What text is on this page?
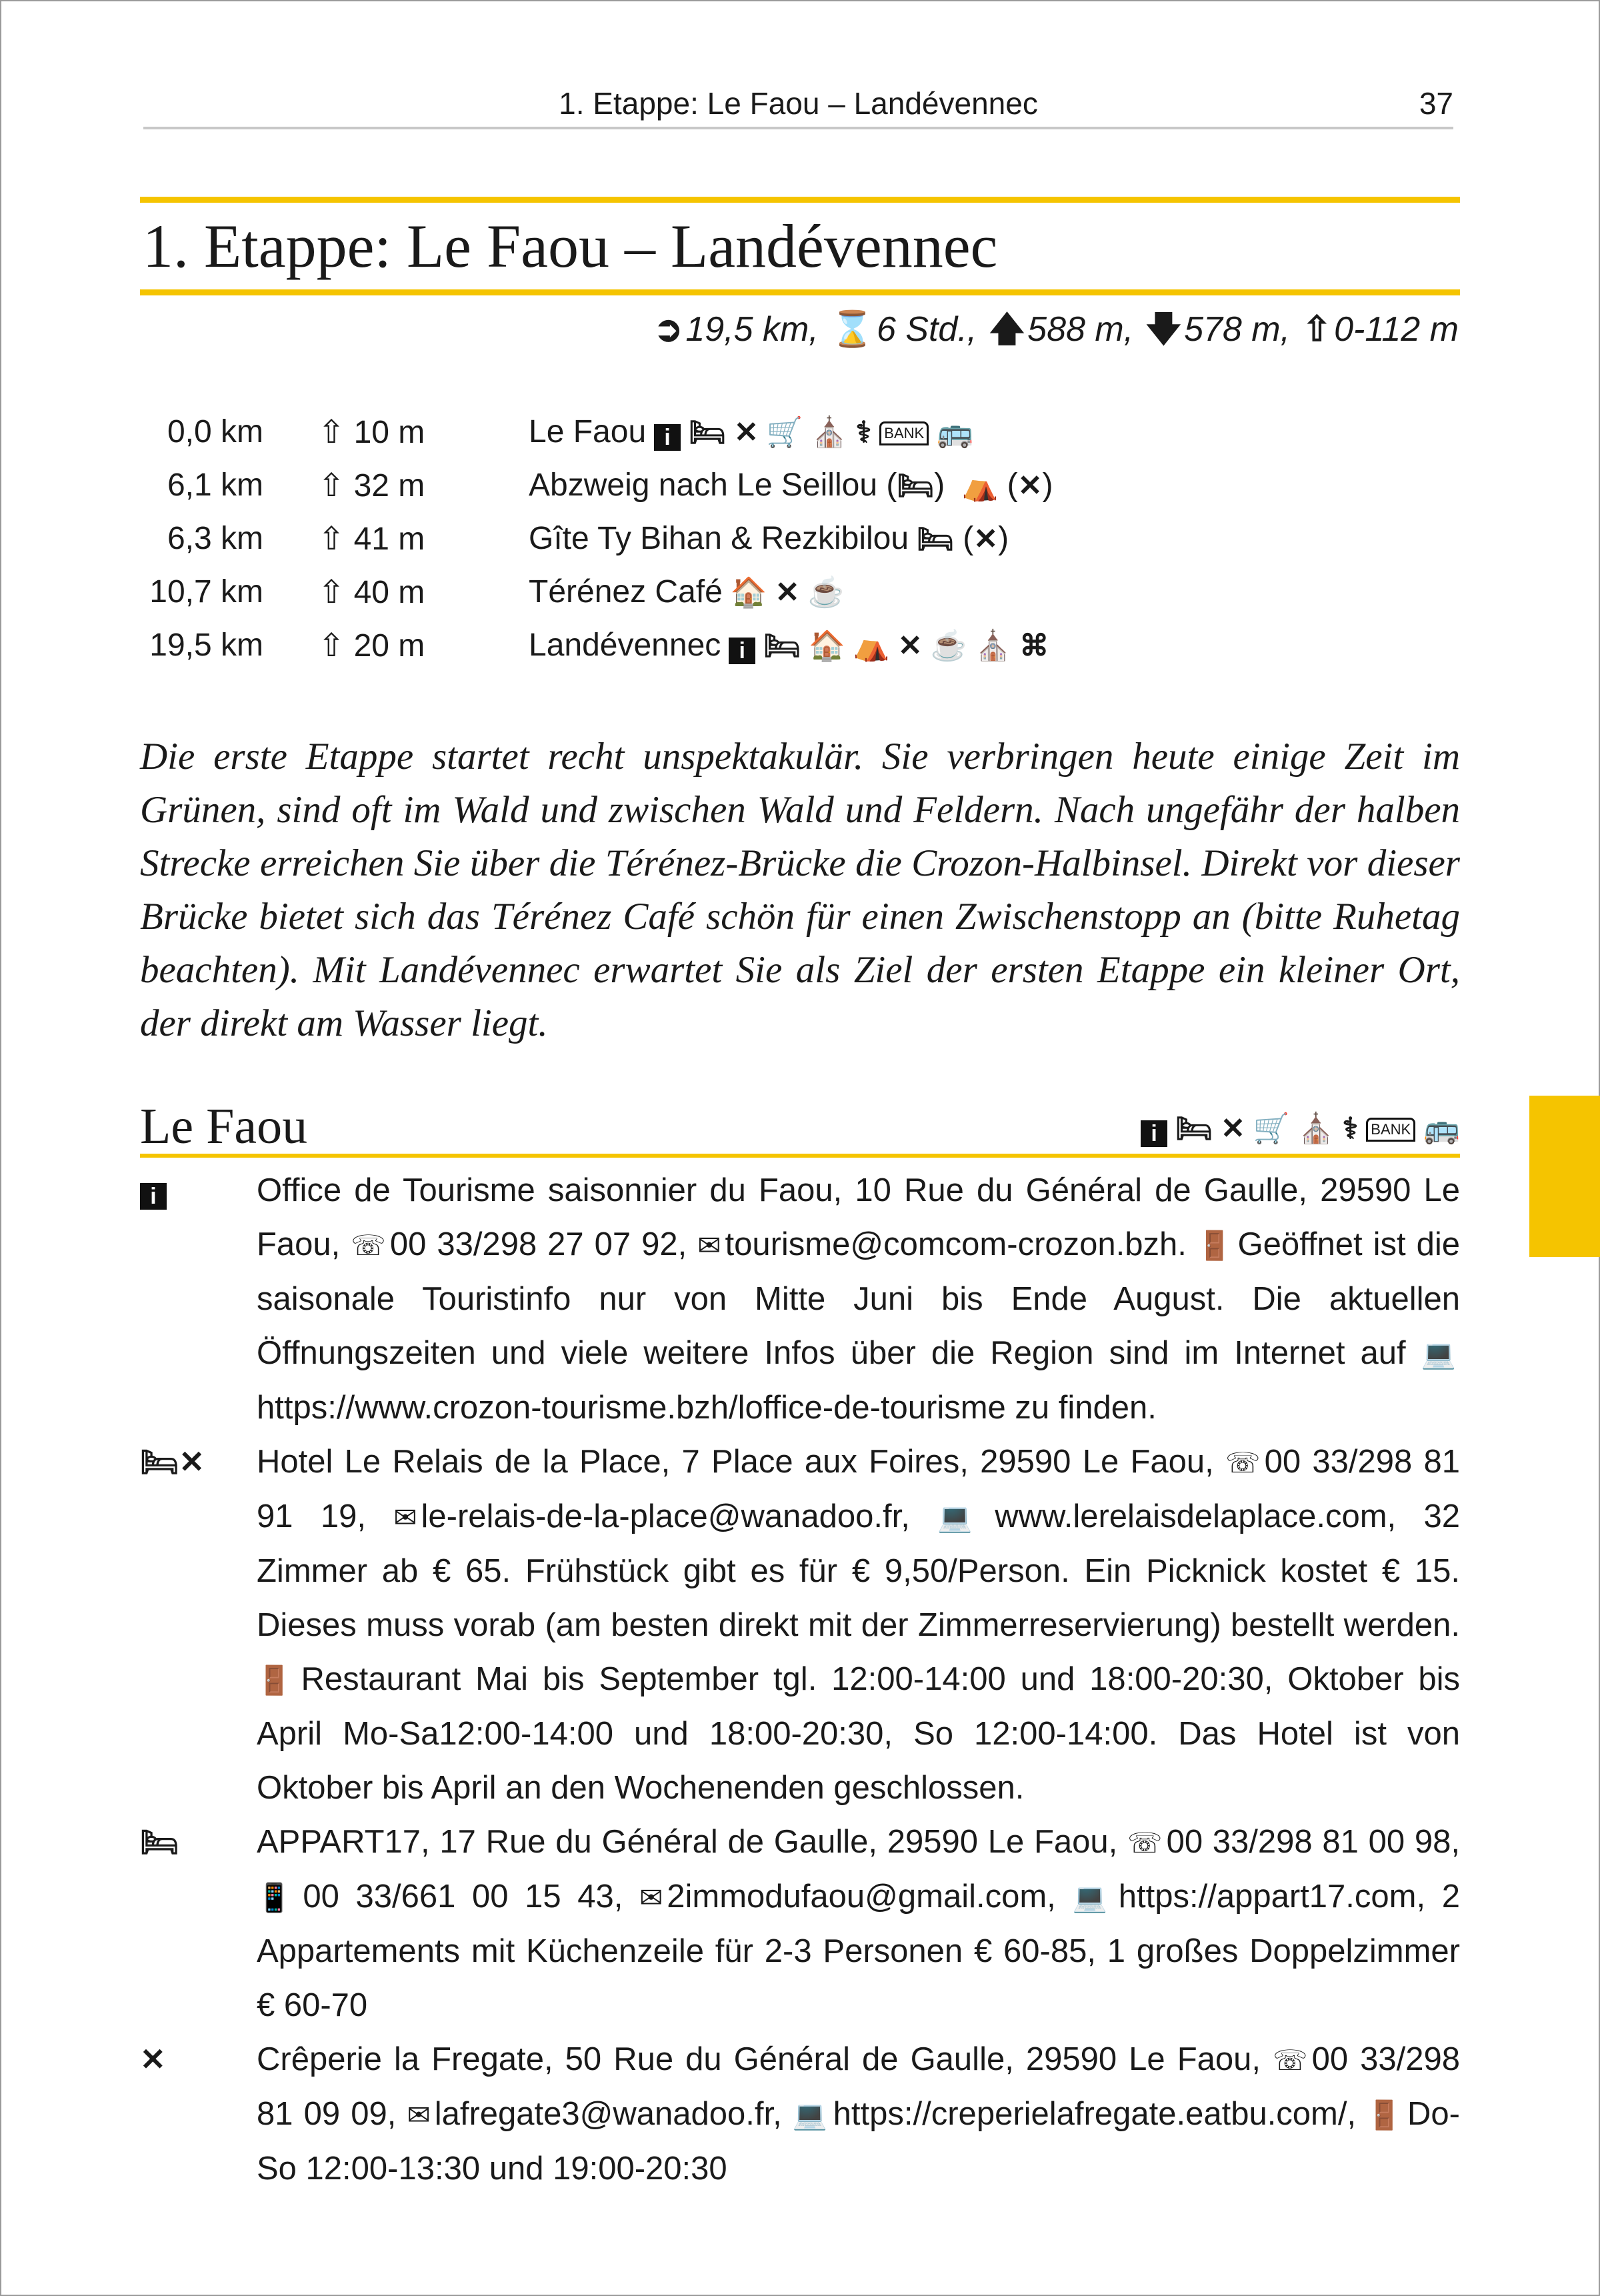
1. Etappe: Le Faou – Landévennec	37
1. Etappe: Le Faou – Landévennec
➲19,5 km, ⌛6 Std., 🡅588 m, 🡇578 m, ⇧0-112 m
0,0 km ⇧ 10 m	Le Faou i 🛏 ✕ 🛒 ⛪ ⚕ BANK 🚌
6,1 km ⇧ 32 m	Abzweig nach Le Seillou (🛏) ⛺ (✕)
6,3 km ⇧ 41 m	Gîte Ty Bihan & Rezkibilou 🛏 (✕)
10,7 km ⇧ 40 m	Térénez Café 🏠 ✕ ☕
19,5 km ⇧ 20 m	Landévennec i 🛏 🏠 ⛺ ✕ ☕ ⛪ ⌘
Die erste Etappe startet recht unspektakulär. Sie verbringen heute einige Zeit im Grünen, sind oft im Wald und zwischen Wald und Feldern. Nach ungefähr der halben Strecke erreichen Sie über die Térénez-Brücke die Crozon-Halbinsel. Direkt vor dieser Brücke bietet sich das Térénez Café schön für einen Zwischenstopp an (bitte Ruhetag beachten). Mit Landévennec erwartet Sie als Ziel der ersten Etappe ein kleiner Ort, der direkt am Wasser liegt.
Le Faou	i 🛏 ✕ 🛒 ⛪ ⚕ BANK 🚌
i	Office de Tourisme saisonnier du Faou, 10 Rue du Général de Gaulle, 29590 Le Faou, ☏ 00 33/298 27 07 92, ✉ tourisme@comcom-crozon.bzh. 🚪 Geöffnet ist die saisonale Touristinfo nur von Mitte Juni bis Ende August. Die aktuellen Öffnungszeiten und viele weitere Infos über die Region sind im Internet auf 💻https://www.crozon-tourisme.bzh/loffice-de-tourisme zu finden.
🛏✕ Hotel Le Relais de la Place, 7 Place aux Foires, 29590 Le Faou, ☏ 00 33/298 81 91 19, ✉ le-relais-de-la-place@wanadoo.fr, 💻 www.lerelaisdelaplace.com, 32 Zimmer ab € 65. Frühstück gibt es für € 9,50/Person. Ein Picknick kostet € 15. Dieses muss vorab (am besten direkt mit der Zimmerreservierung) bestellt werden. 🚪 Restaurant Mai bis September tgl. 12:00-14:00 und 18:00-20:30, Oktober bis April Mo-Sa12:00-14:00 und 18:00-20:30, So 12:00-14:00. Das Hotel ist von Oktober bis April an den Wochenenden geschlossen.
🛏 APPART17, 17 Rue du Général de Gaulle, 29590 Le Faou, ☏ 00 33/298 81 00 98, 📱 00 33/661 00 15 43, ✉ 2immodufaou@gmail.com, 💻 https://appart17.com, 2 Appartements mit Küchenzeile für 2-3 Personen € 60-85, 1 großes Doppelzimmer € 60-70
✕	Crêperie la Fregate, 50 Rue du Général de Gaulle, 29590 Le Faou, ☏ 00 33/298 81 09 09, ✉ lafregate3@wanadoo.fr, 💻 https://creperielafregate.eatbu.com/, 🚪 Do-So 12:00-13:30 und 19:00-20:30
